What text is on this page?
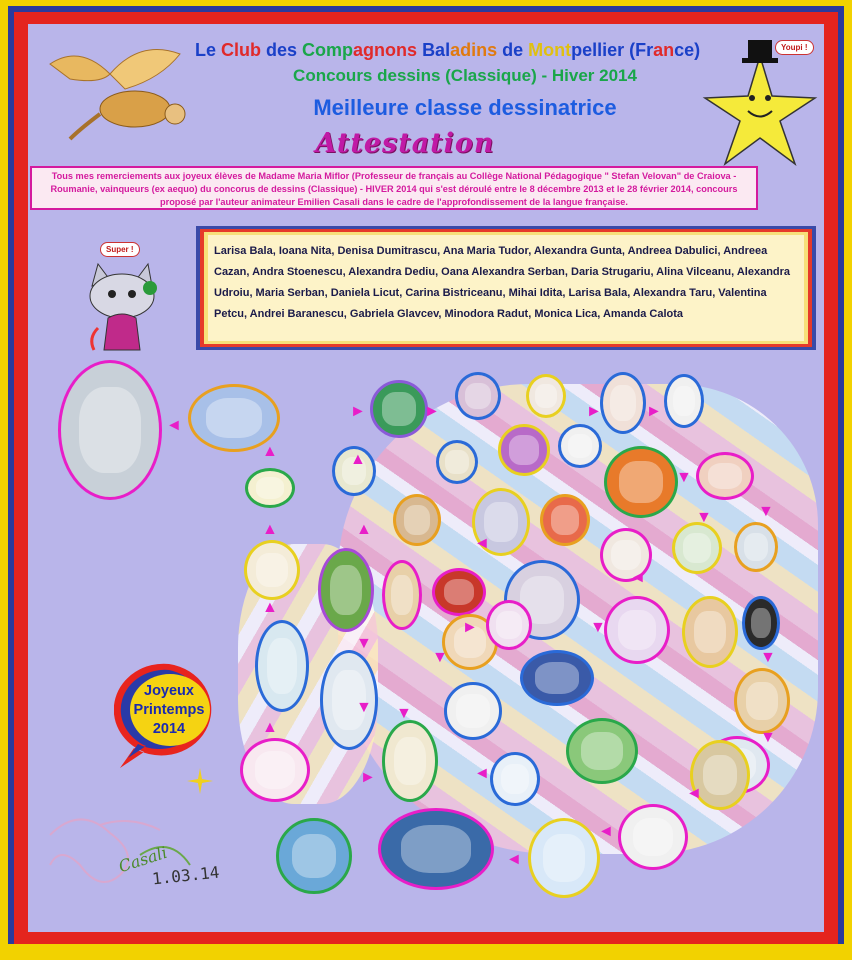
Youpi !
Le Club des Compagnons Baladins de Montpellier (France)
Concours dessins (Classique) - Hiver 2014
Meilleure classe dessinatrice
Attestation
Tous mes remerciements aux joyeux élèves de Madame Maria Miflor (Professeur de français au Collège National Pédagogique " Stefan Velovan" de Craiova - Roumanie, vainqueurs (ex aequo) du concorus de dessins (Classique) - HIVER 2014 qui s'est déroulé entre le 8 décembre 2013 et le 28 février 2014, concours proposé par l'auteur animateur Emilien Casali dans le cadre de l'approfondissement de la langue française.
Larisa Bala, Ioana Nita, Denisa Dumitrascu, Ana Maria Tudor, Alexandra Gunta, Andreea Dabulici, Andreea Cazan, Andra Stoenescu, Alexandra Dediu, Oana Alexandra Serban, Daria Strugariu, Alina Vilceanu, Alexandra Udroiu, Maria Serban, Daniela Licut, Carina Bistriceanu, Mihai Idita, Larisa Bala, Alexandra Taru, Valentina Petcu, Andrei Baranescu, Gabriela Glavcev, Minodora Radut, Monica Lica, Amanda Calota
Super !
◄
▲
▲
▲
▲
►
▲
▲
▼
▼
►
►
◄
◄
►	►
▼
▼	▼
▼
▼
◄
◄
▼
◄
►
▼
▼
◄
Joyeux
Printemps
2014
Casali
1.03.14
